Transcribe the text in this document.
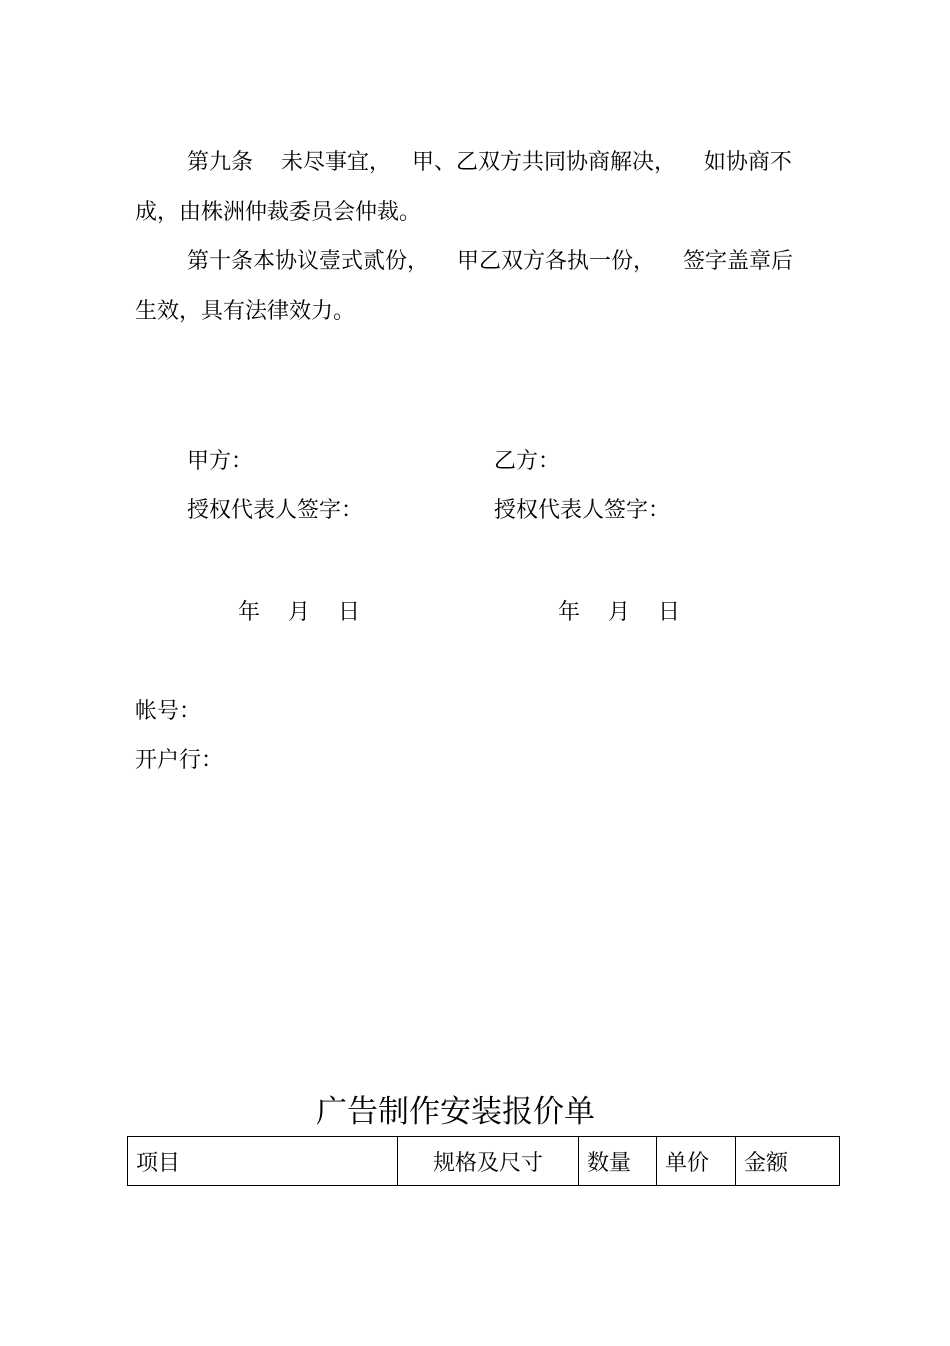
第九条    未尽事宜，   甲、乙双方共同协商解决，    如协商不
成，由株洲仲裁委员会仲裁。
第十条本协议壹式贰份，    甲乙双方各执一份，    签字盖章后
生效，具有法律效力。
甲方：	乙方：
授权代表人签字：	授权代表人签字：
年    月    日	年    月    日
帐号：
开户行：
广告制作安装报价单
项目	规格及尺寸	数量	单价	金额
